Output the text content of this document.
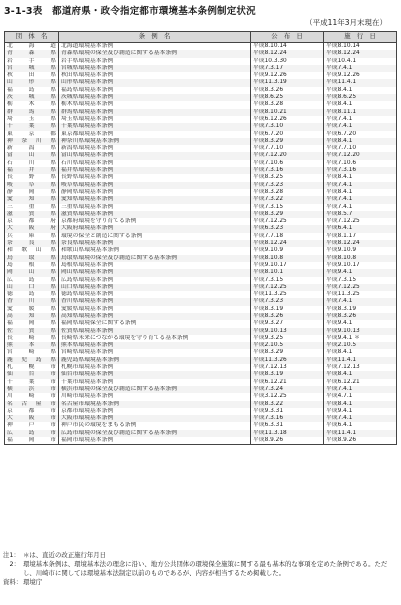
3-1-3表　都道府県・政令指定都市環境基本条例制定状況
（平成11年3月末現在）
団　体　名	条　例　名	公　布　日	施　行　日
北海道	北海道環境基本条例	平成8.10.14	平成8.10.14
青森県	青森県環境の保全及び創造に関する基本条例	平成8.12.24	平成8.12.24
岩手県	岩手県環境基本条例	平成10.3.30	平成10.4.1
宮城県	宮城県環境基本条例	平成7.3.17	平成7.4.1
秋田県	秋田県環境基本条例	平成9.12.26	平成9.12.26
山形県	山形県環境基本条例	平成11.3.19	平成11.4.1
福島県	福島県環境基本条例	平成8.3.26	平成8.4.1
茨城県	茨城県環境基本条例	平成8.6.25	平成8.6.25
栃木県	栃木県環境基本条例	平成8.3.28	平成8.4.1
群馬県	群馬県環境基本条例	平成8.10.21	平成8.11.1
埼玉県	埼玉県環境基本条例	平成6.12.26	平成7.4.1
千葉県	千葉県環境基本条例	平成7.3.10	平成7.4.1
東京都	東京都環境基本条例	平成6.7.20	平成6.7.20
神奈川県	神奈川県環境基本条例	平成8.3.29	平成8.4.1
新潟県	新潟県環境基本条例	平成7.7.10	平成7.7.10
富山県	富山県環境基本条例	平成7.12.20	平成7.12.20
石川県	石川県環境基本条例	平成7.10.6	平成7.10.6
福井県	福井県環境基本条例	平成7.3.16	平成7.3.16
長野県	長野県環境基本条例	平成8.3.25	平成8.4.1
岐阜県	岐阜県環境基本条例	平成7.3.23	平成7.4.1
静岡県	静岡県環境基本条例	平成8.3.28	平成8.4.1
愛知県	愛知県環境基本条例	平成7.3.22	平成7.4.1
三重県	三重県環境基本条例	平成7.3.15	平成7.4.1
滋賀県	滋賀県環境基本条例	平成8.3.29	平成8.5.7
京都府	京都府環境を守り育てる条例	平成7.12.25	平成7.12.25
大阪府	大阪府環境基本条例	平成6.3.23	平成6.4.1
兵庫県	環境の保全と創造に関する条例	平成7.7.18	平成8.1.17
奈良県	奈良県環境基本条例	平成8.12.24	平成8.12.24
和歌山県	和歌山県環境基本条例	平成9.10.9	平成9.10.9
鳥取県	鳥取県環境の保全及び創造に関する基本条例	平成8.10.8	平成8.10.8
島根県	島根県環境基本条例	平成9.10.17	平成9.10.17
岡山県	岡山県環境基本条例	平成8.10.1	平成9.4.1
広島県	広島県環境基本条例	平成7.3.15	平成7.3.15
山口県	山口県環境基本条例	平成7.12.25	平成7.12.25
徳島県	徳島県環境基本条例	平成11.3.25	平成11.3.25
香川県	香川県環境基本条例	平成7.3.23	平成7.4.1
愛媛県	愛媛県環境基本条例	平成8.3.19	平成8.3.19
高知県	高知県環境基本条例	平成8.3.26	平成8.3.26
福岡県	福岡県環境保全に関する条例	平成9.3.27	平成9.4.1
佐賀県	佐賀県環境基本条例	平成9.10.13	平成9.10.13
長崎県	長崎県未来につながる環境を守り育てる基本条例	平成9.3.25	平成9.4.1 ＊
熊本県	熊本県環境基本条例	平成2.10.5	平成2.10.5
宮崎県	宮崎県環境基本条例	平成8.3.29	平成8.4.1
鹿児島県	鹿児島県環境基本条例	平成11.3.26	平成11.4.1
札幌市	札幌市環境基本条例	平成7.12.13	平成7.12.13
仙台市	仙台市環境基本条例	平成8.3.19	平成8.4.1
千葉市	千葉市環境基本条例	平成6.12.21	平成6.12.21
横浜市	横浜市環境の保全及び創造に関する基本条例	平成7.3.24	平成7.4.1
川崎市	川崎市環境基本条例	平成3.12.25	平成4.7.1
名古屋市	名古屋市環境基本条例	平成8.3.22	平成8.4.1
京都市	京都市環境基本条例	平成9.3.31	平成9.4.1
大阪市	大阪市環境基本条例	平成7.3.16	平成7.4.1
神戸市	神戸市民の環境をまもる条例	平成6.3.31	平成6.4.1
広島市	広島市環境の保全及び創造に関する基本条例	平成11.3.18	平成11.4.1
福岡市	福岡市環境基本条例	平成8.9.26	平成8.9.26
注1： ＊は、直近の改正施行年月日
2： 環境基本条例は、環境基本法の理念に沿い、地方公共団体の環境保全施策に関する最も基本的な事項を定めた条例である。ただし、川崎市に関しては環境基本法制定以前のものであるが、内容が相当するため掲載した。
資料： 環境庁
